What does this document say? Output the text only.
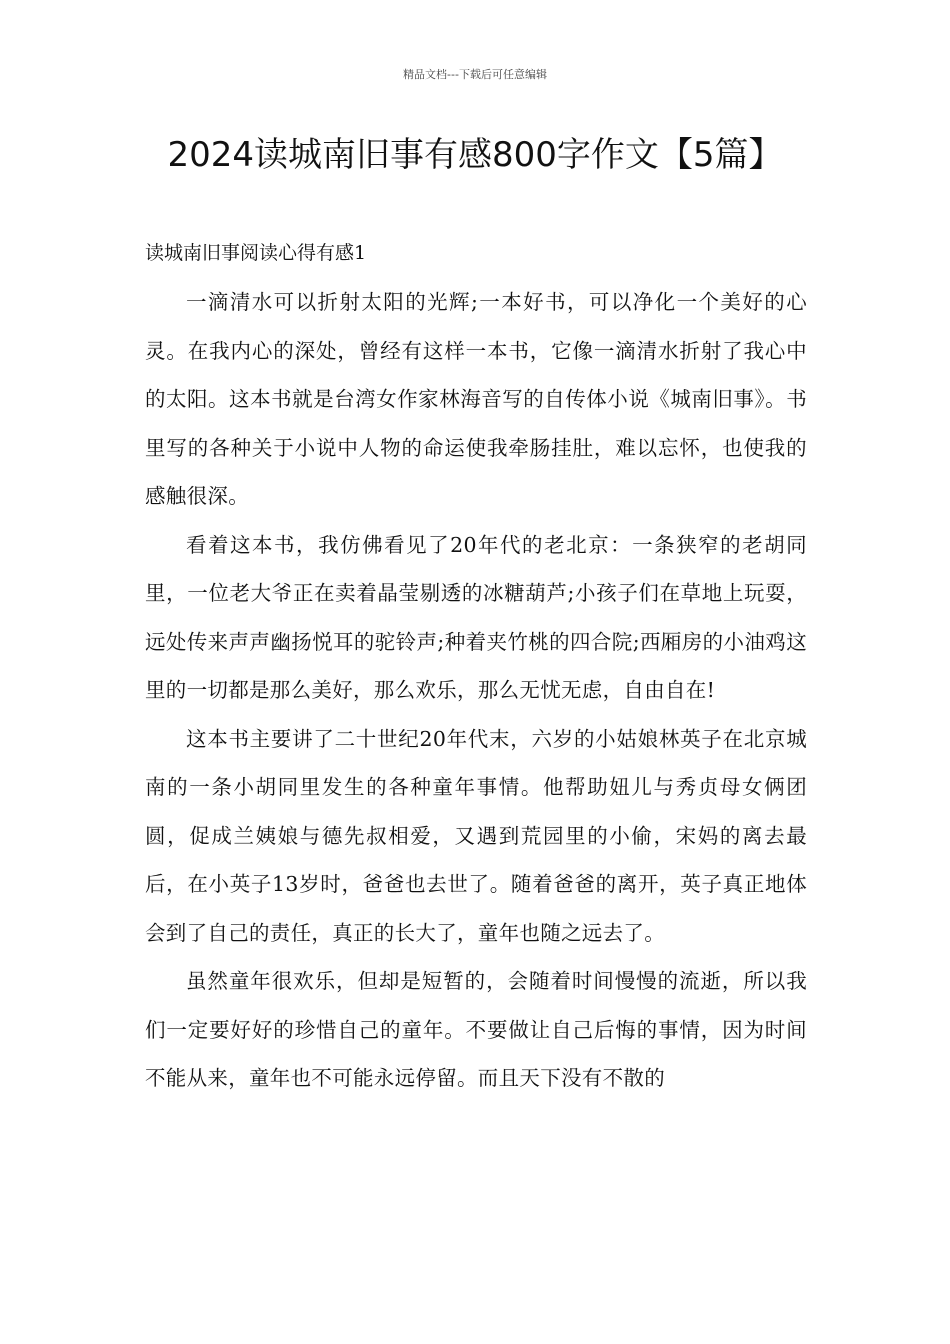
精品文档---下载后可任意编辑
2024读城南旧事有感800字作文【5篇】
读城南旧事阅读心得有感1

一滴清水可以折射太阳的光辉;一本好书，可以净化一个美好的心灵。在我内心的深处，曾经有这样一本书，它像一滴清水折射了我心中的太阳。这本书就是台湾女作家林海音写的自传体小说《城南旧事》。书里写的各种关于小说中人物的命运使我牵肠挂肚，难以忘怀，也使我的感触很深。

看着这本书，我仿佛看见了20年代的老北京：一条狭窄的老胡同里，一位老大爷正在卖着晶莹剔透的冰糖葫芦;小孩子们在草地上玩耍，远处传来声声幽扬悦耳的驼铃声;种着夹竹桃的四合院;西厢房的小油鸡这里的一切都是那么美好，那么欢乐，那么无忧无虑，自由自在!

这本书主要讲了二十世纪20年代末，六岁的小姑娘林英子在北京城南的一条小胡同里发生的各种童年事情。他帮助妞儿与秀贞母女俩团圆，促成兰姨娘与德先叔相爱，又遇到荒园里的小偷，宋妈的离去最后，在小英子13岁时，爸爸也去世了。随着爸爸的离开，英子真正地体会到了自己的责任，真正的长大了，童年也随之远去了。

虽然童年很欢乐，但却是短暂的，会随着时间慢慢的流逝，所以我们一定要好好的珍惜自己的童年。不要做让自己后悔的事情，因为时间不能从来，童年也不可能永远停留。而且天下没有不散的
